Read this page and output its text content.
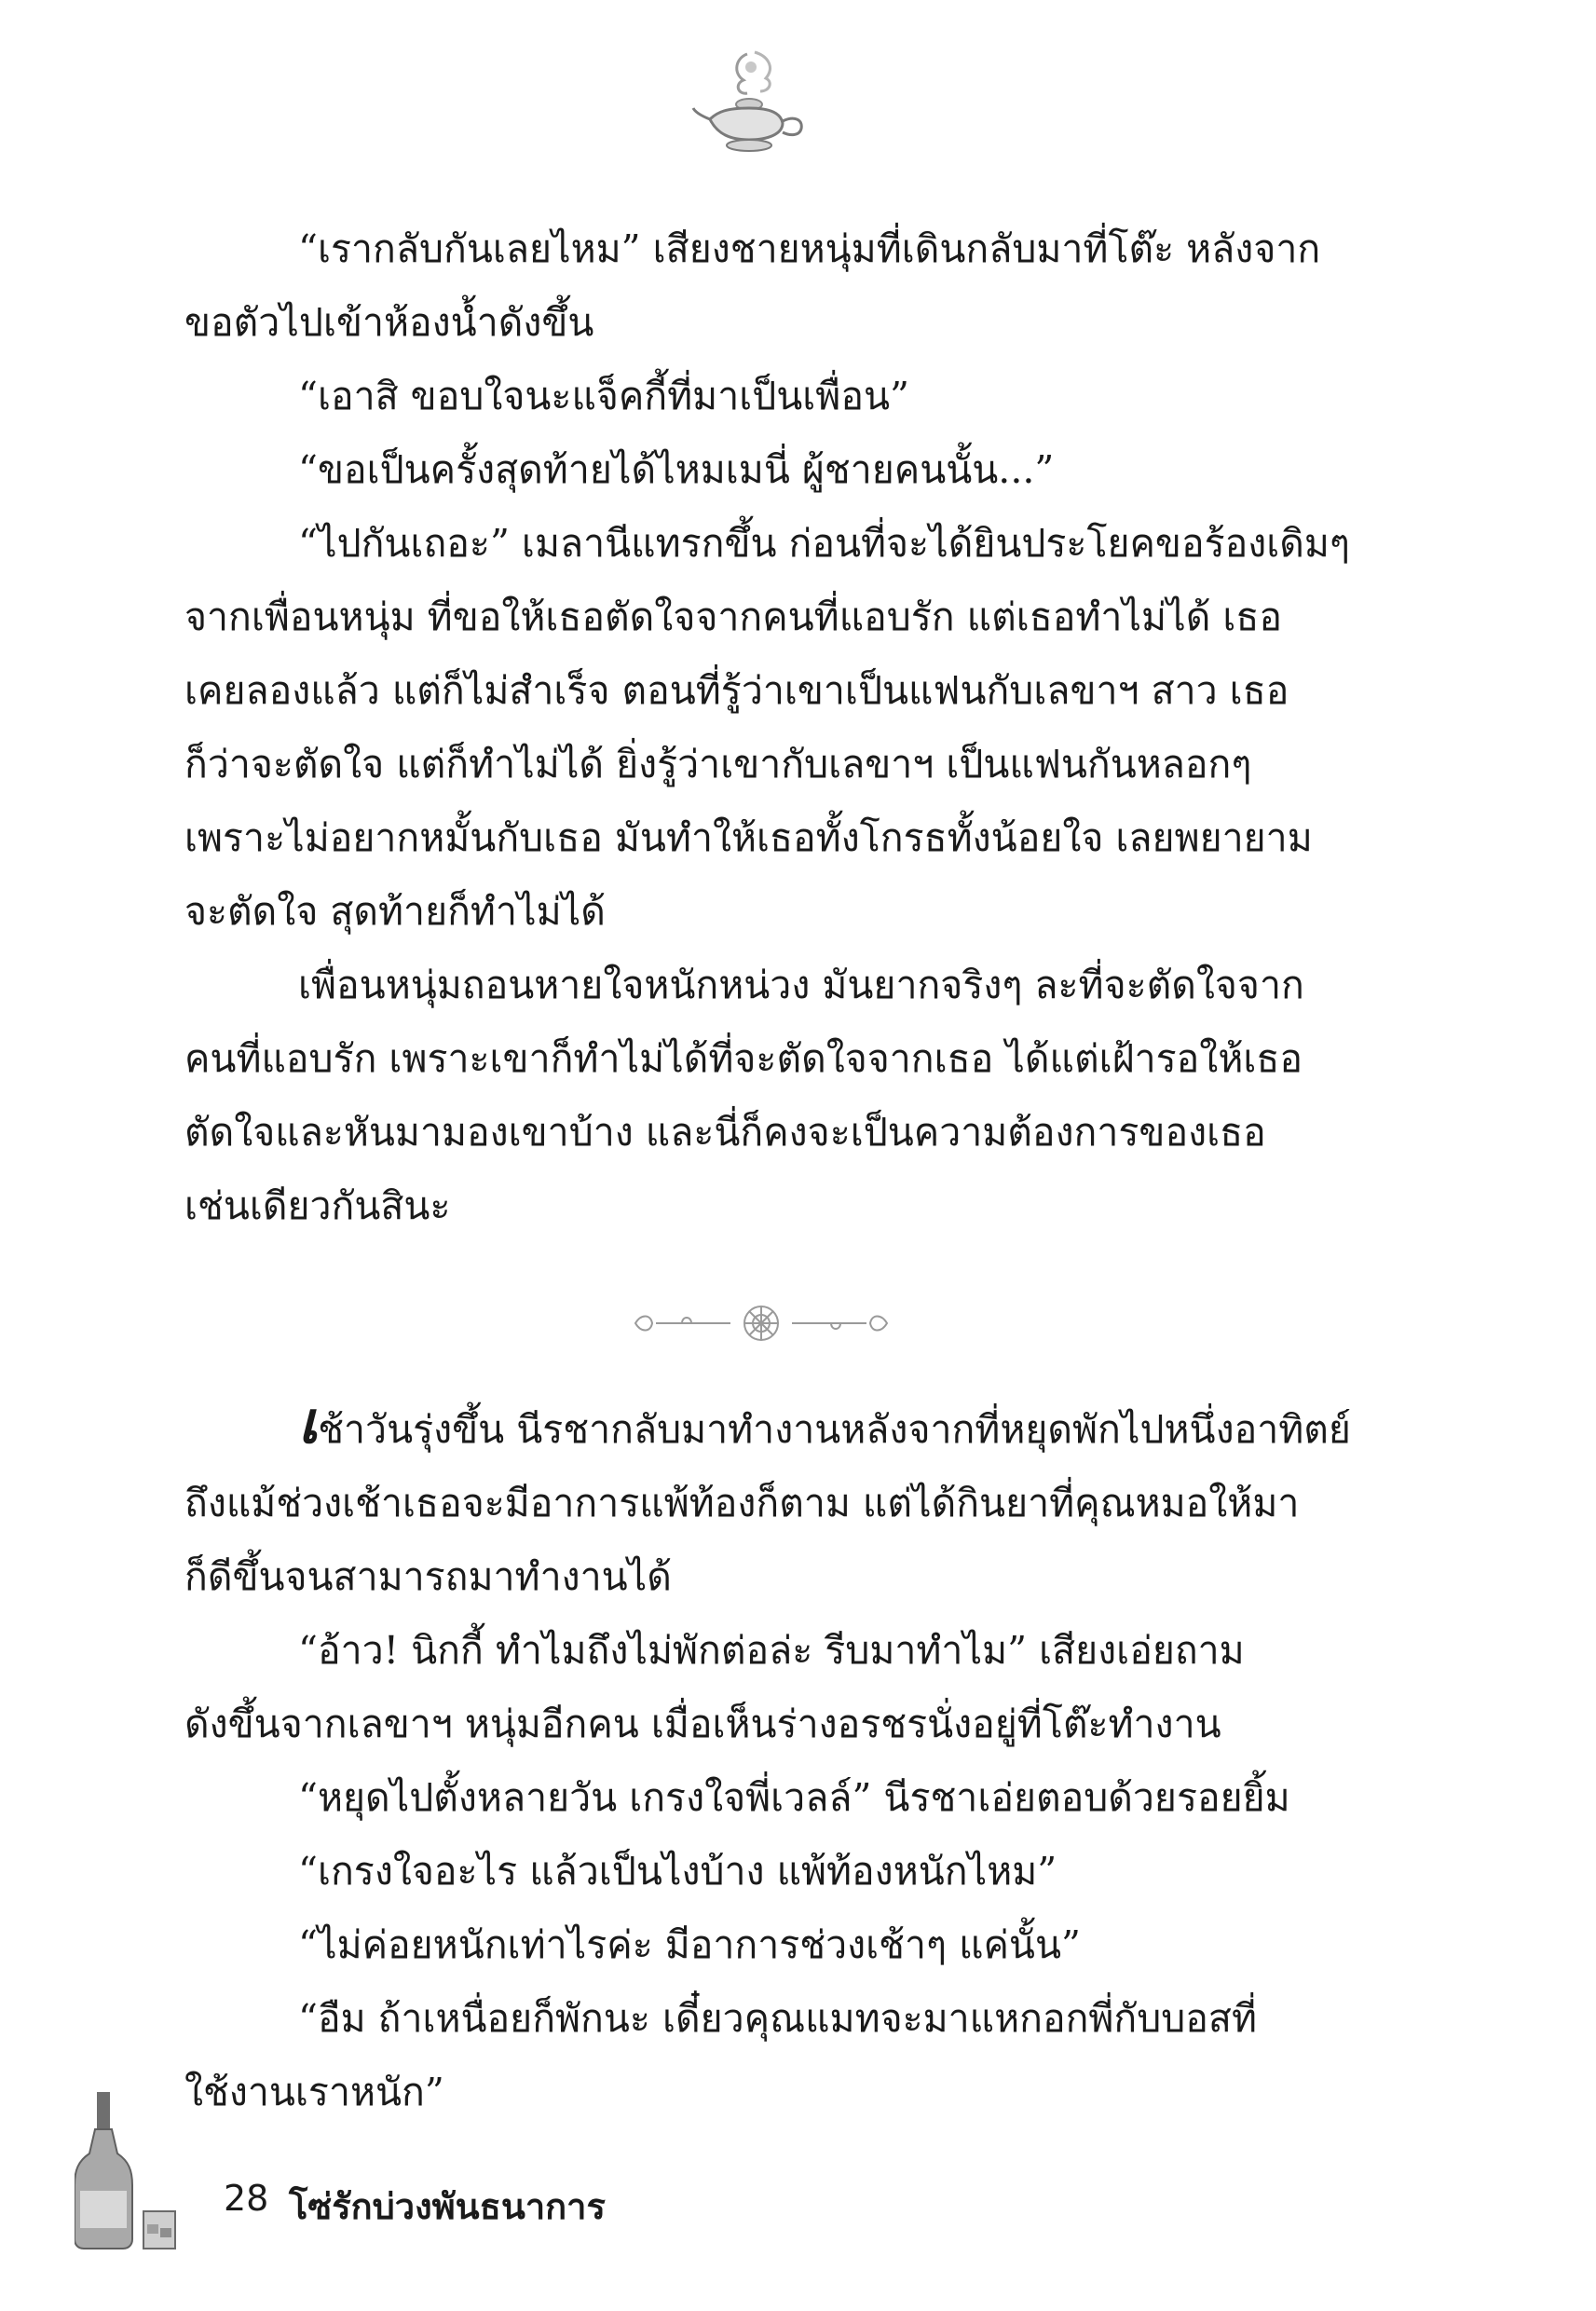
“เรากลับกันเลยไหม” เสียงชายหนุ่มที่เดินกลับมาที่โต๊ะ หลังจาก
ขอตัวไปเข้าห้องน้ำดังขึ้น
“เอาสิ ขอบใจนะแจ็คกี้ที่มาเป็นเพื่อน”
“ขอเป็นครั้งสุดท้ายได้ไหมเมนี่ ผู้ชายคนนั้น...”
“ไปกันเถอะ” เมลานีแทรกขึ้น ก่อนที่จะได้ยินประโยคขอร้องเดิมๆ
จากเพื่อนหนุ่ม ที่ขอให้เธอตัดใจจากคนที่แอบรัก แต่เธอทำไม่ได้ เธอ
เคยลองแล้ว แต่ก็ไม่สำเร็จ ตอนที่รู้ว่าเขาเป็นแฟนกับเลขาฯ สาว เธอ
ก็ว่าจะตัดใจ แต่ก็ทำไม่ได้ ยิ่งรู้ว่าเขากับเลขาฯ เป็นแฟนกันหลอกๆ
เพราะไม่อยากหมั้นกับเธอ มันทำให้เธอทั้งโกรธทั้งน้อยใจ เลยพยายาม
จะตัดใจ สุดท้ายก็ทำไม่ได้
เพื่อนหนุ่มถอนหายใจหนักหน่วง มันยากจริงๆ ละที่จะตัดใจจาก
คนที่แอบรัก เพราะเขาก็ทำไม่ได้ที่จะตัดใจจากเธอ ได้แต่เฝ้ารอให้เธอ
ตัดใจและหันมามองเขาบ้าง และนี่ก็คงจะเป็นความต้องการของเธอ
เช่นเดียวกันสินะ
เช้าวันรุ่งขึ้น นีรชากลับมาทำงานหลังจากที่หยุดพักไปหนึ่งอาทิตย์
ถึงแม้ช่วงเช้าเธอจะมีอาการแพ้ท้องก็ตาม แต่ได้กินยาที่คุณหมอให้มา
ก็ดีขึ้นจนสามารถมาทำงานได้
“อ้าว! นิกกี้ ทำไมถึงไม่พักต่อล่ะ รีบมาทำไม” เสียงเอ่ยถาม
ดังขึ้นจากเลขาฯ หนุ่มอีกคน เมื่อเห็นร่างอรชรนั่งอยู่ที่โต๊ะทำงาน
“หยุดไปตั้งหลายวัน เกรงใจพี่เวลล์” นีรชาเอ่ยตอบด้วยรอยยิ้ม
“เกรงใจอะไร แล้วเป็นไงบ้าง แพ้ท้องหนักไหม”
“ไม่ค่อยหนักเท่าไรค่ะ มีอาการช่วงเช้าๆ แค่นั้น”
“อืม ถ้าเหนื่อยก็พักนะ เดี๋ยวคุณแมทจะมาแหกอกพี่กับบอสที่
ใช้งานเราหนัก”
28 โซ่รักบ่วงพันธนาการ
